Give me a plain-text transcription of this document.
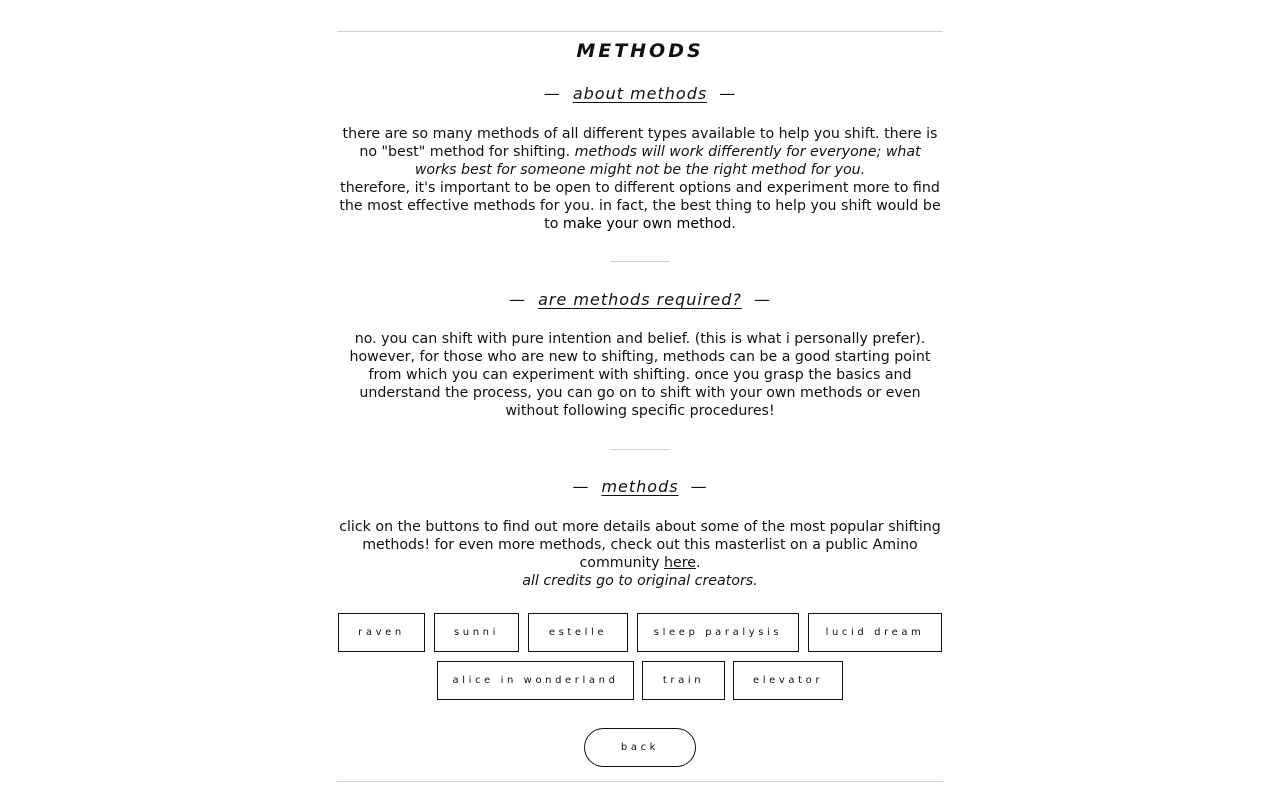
METHODS
— about methods —
there are so many methods of all different types available to help you shift. there is no "best" method for shifting. methods will work differently for everyone; what works best for someone might not be the right method for you.
therefore, it's important to be open to different options and experiment more to find the most effective methods for you. in fact, the best thing to help you shift would be to make your own method.
— are methods required? —
no. you can shift with pure intention and belief. (this is what i personally prefer). however, for those who are new to shifting, methods can be a good starting point from which you can experiment with shifting. once you grasp the basics and understand the process, you can go on to shift with your own methods or even without following specific procedures!
— methods —
click on the buttons to find out more details about some of the most popular shifting methods! for even more methods, check out this masterlist on a public Amino community here.
all credits go to original creators.
raven	sunni	estelle	sleep paralysis	lucid dream
alice in wonderland	train	elevator
back
